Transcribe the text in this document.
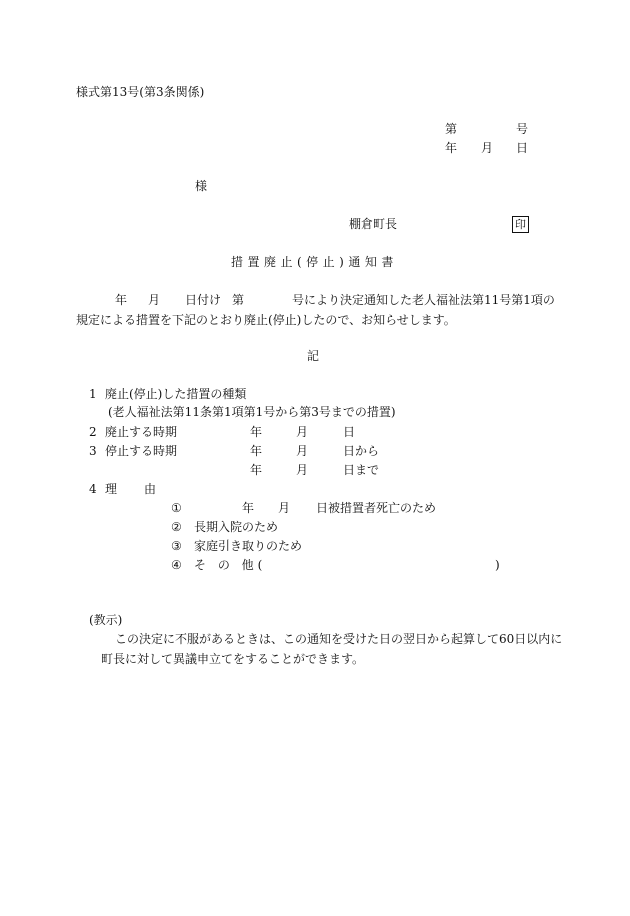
様式第13号(第3条関係)
第	号
年 月 日
様
棚倉町長	印
措置廃止(停止)通知書
年 月 日付け 第	号により決定通知した老人福祉法第11号第1項の
規定による措置を下記のとおり廃止(停止)したので、お知らせします。
記
1 廃止(停止)した措置の種類
(老人福祉法第11条第1項第1号から第3号までの措置)
2 廃止する時期	年	月	日
3 停止する時期	年	月	日から
年	月	日まで
4 理 由
①	年 月 日被措置者死亡のため
② 長期入院のため
③ 家庭引き取りのため
④ そ の 他(	)
(教示)
この決定に不服があるときは、この通知を受けた日の翌日から起算して60日以内に
町長に対して異議申立てをすることができます。
